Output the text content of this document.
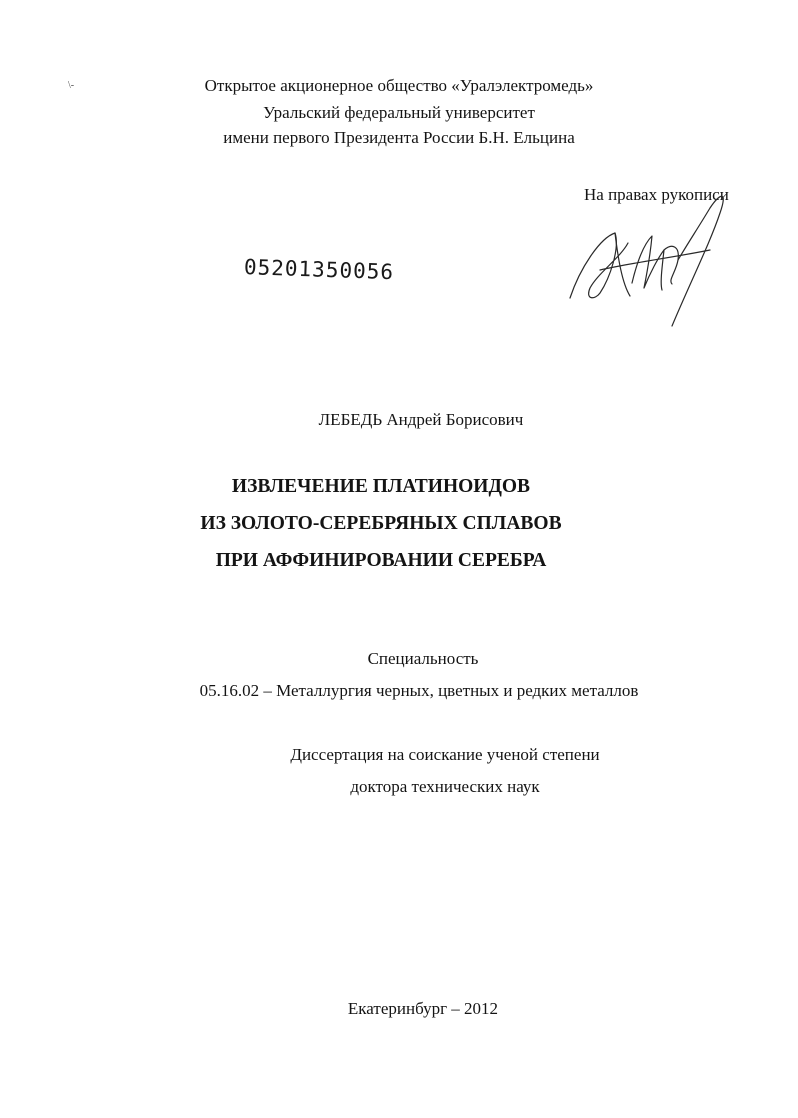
\-	Открытое акционерное общество «Уралэлектромедь»
Уральский федеральный университет
имени первого Президента России Б.Н. Ельцина
На правах рукописи
05201350056
ЛЕБЕДЬ Андрей Борисович
ИЗВЛЕЧЕНИЕ ПЛАТИНОИДОВ
ИЗ ЗОЛОТО-СЕРЕБРЯНЫХ СПЛАВОВ
ПРИ АФФИНИРОВАНИИ СЕРЕБРА
Специальность
05.16.02 – Металлургия черных, цветных и редких металлов
Диссертация на соискание ученой степени
доктора технических наук
Екатеринбург – 2012
